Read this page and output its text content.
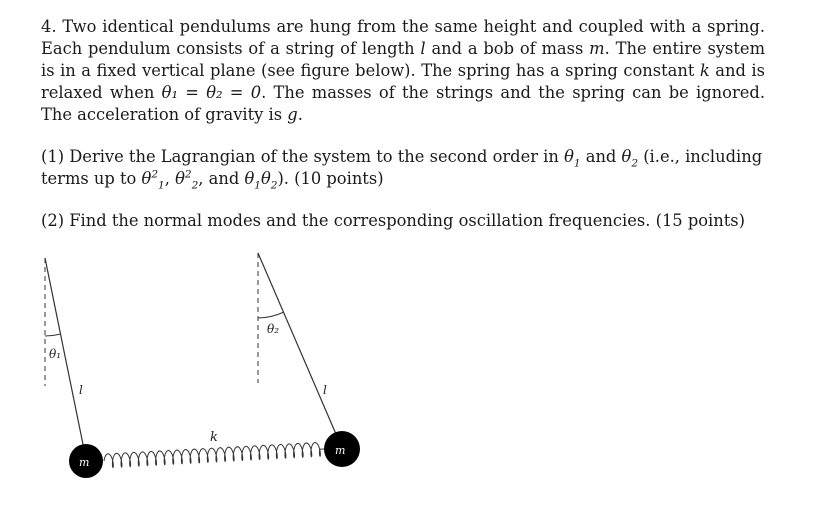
4. Two identical pendulums are hung from the same height and coupled with a spring. Each pendulum consists of a string of length l and a bob of mass m. The entire system is in a fixed vertical plane (see figure below). The spring has a spring constant k and is relaxed when θ₁ = θ₂ = 0. The masses of the strings and the spring can be ignored. The acceleration of gravity is g.

(1) Derive the Lagrangian of the system to the second order in $\theta_1$ and $\theta_2$ (i.e., including terms up to $\theta^2_1$, $\theta^2_2$, and $\theta_1\theta_2$). (10 points)

(2) Find the normal modes and the corresponding oscillation frequencies. (15 points)

θ₁
θ₂
l	l
k
m
m
